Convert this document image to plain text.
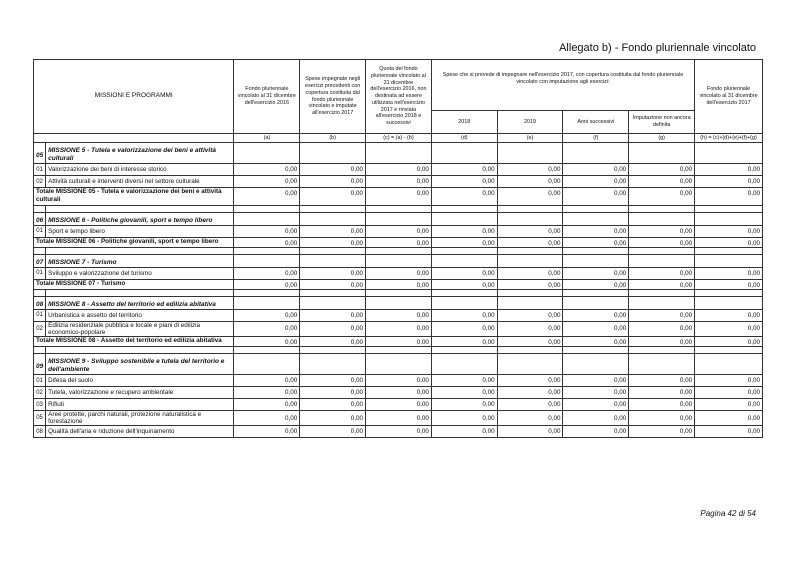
Allegato b) - Fondo pluriennale vincolato
MISSIONI E PROGRAMMI		Fondo pluriennale vincolato al 31 dicembre dell'esercizio 2016	Spese impegnate negli esercizi precedenti con copertura costituita dal fondo pluriennale vincolato e imputate all'esercizio 2017	Quota del fondo pluriennale vincolato al 31 dicembre dell'esercizio 2016, non destinata ad essere utilizzata nell'esercizio 2017 e rinviata all'esercizio 2018 e successivi	Spese che si prevede di impegnare nell'esercizio 2017, con copertura costituita dal fondo pluriennale vincolato con imputazione agli esercizi:				Fondo pluriennale vincolato al 31 dicembre dell'esercizio 2017
					2018	2019	Anni successivi	Imputazione non ancora definita	
		(a)	(b)	(c) = (a) - (b)	(d)	(e)	(f)	(g)	(h) = (c)+(d)+(e)+(f)+(g)
05	MISSIONE 5 - Tutela e valorizzazione dei beni e attività culturali								
01	Valorizzazione dei beni di interesse storico	0,00	0,00	0,00	0,00	0,00	0,00	0,00	0,00
02	Attività culturali e interventi diversi nel settore culturale	0,00	0,00	0,00	0,00	0,00	0,00	0,00	0,00
Totale MISSIONE 05 - Tutela e valorizzazione dei beni e attività culturali		0,00	0,00	0,00	0,00	0,00	0,00	0,00	0,00

06	MISSIONE 6 - Politiche giovanili, sport e tempo libero								
01	Sport e tempo libero	0,00	0,00	0,00	0,00	0,00	0,00	0,00	0,00
Totale MISSIONE 06 - Politiche giovanili, sport e tempo libero		0,00	0,00	0,00	0,00	0,00	0,00	0,00	0,00

07	MISSIONE 7 - Turismo								
01	Sviluppo e valorizzazione del turismo	0,00	0,00	0,00	0,00	0,00	0,00	0,00	0,00
Totale MISSIONE 07 - Turismo		0,00	0,00	0,00	0,00	0,00	0,00	0,00	0,00

08	MISSIONE 8 - Assetto del territorio ed edilizia abitativa								
01	Urbanistica e assetto del territorio	0,00	0,00	0,00	0,00	0,00	0,00	0,00	0,00
02	Edilizia residenziale pubblica e locale e piani di edilizia economico-popolare	0,00	0,00	0,00	0,00	0,00	0,00	0,00	0,00
Totale MISSIONE 08 - Assetto del territorio ed edilizia abitativa		0,00	0,00	0,00	0,00	0,00	0,00	0,00	0,00

09	MISSIONE 9 - Sviluppo sostenibile e tutela del territorio e dell'ambiente								
01	Difesa del suolo	0,00	0,00	0,00	0,00	0,00	0,00	0,00	0,00
02	Tutela, valorizzazione e recupero ambientale	0,00	0,00	0,00	0,00	0,00	0,00	0,00	0,00
03	Rifiuti	0,00	0,00	0,00	0,00	0,00	0,00	0,00	0,00
05	Aree protette, parchi naturali, protezione naturalistica e forestazione	0,00	0,00	0,00	0,00	0,00	0,00	0,00	0,00
08	Qualità dell'aria e riduzione dell'inquinamento	0,00	0,00	0,00	0,00	0,00	0,00	0,00	0,00
Pagina 42 di 54
